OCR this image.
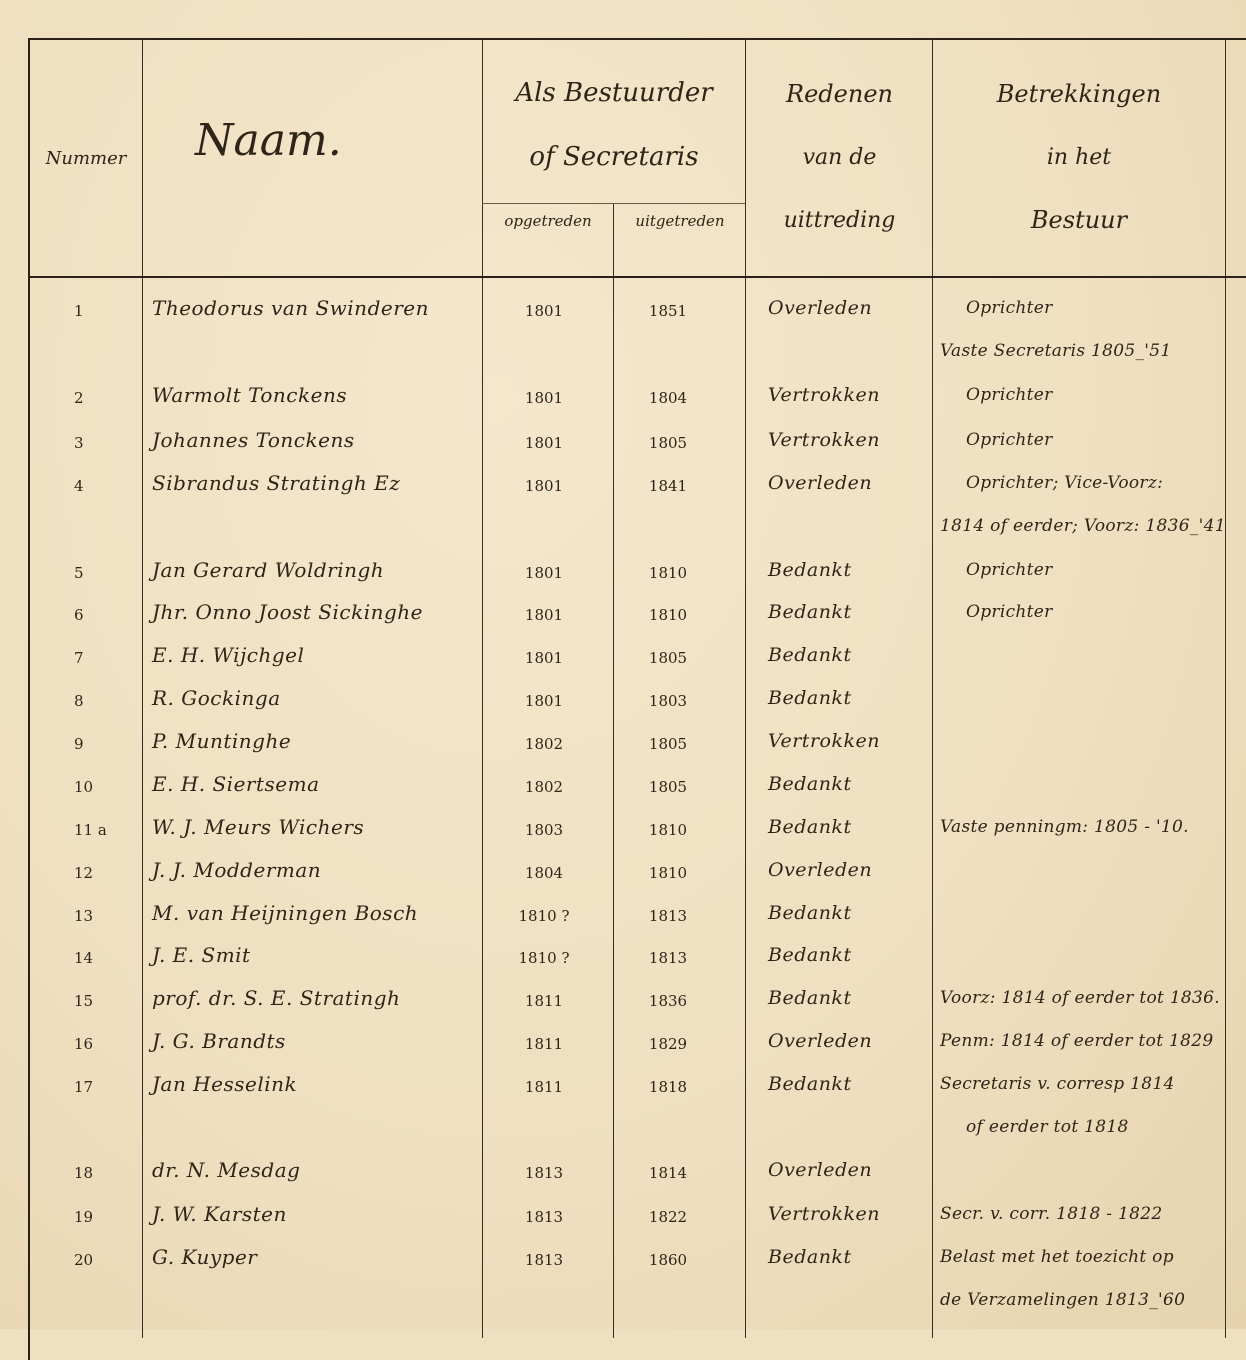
Nummer	Naam.
Als Bestuurder
of Secretaris
opgetreden	uitgetreden
Redenen
van de
uittreding
Betrekkingen
in het
Bestuur
1	Theodorus van Swinderen	1801	1851	Overleden	Oprichter
Vaste Secretaris 1805_'51
2	Warmolt Tonckens	1801	1804	Vertrokken	Oprichter
3	Johannes Tonckens	1801	1805	Vertrokken	Oprichter
4	Sibrandus Stratingh Ez	1801	1841	Overleden	Oprichter; Vice-Voorz:
1814 of eerder; Voorz: 1836_'41
5	Jan Gerard Woldringh	1801	1810	Bedankt	Oprichter
6	Jhr. Onno Joost Sickinghe	1801	1810	Bedankt	Oprichter
7	E. H. Wijchgel	1801	1805	Bedankt
8	R. Gockinga	1801	1803	Bedankt
9	P. Muntinghe	1802	1805	Vertrokken
10	E. H. Siertsema	1802	1805	Bedankt
11 a W. J. Meurs Wichers	1803	1810	Bedankt	Vaste penningm: 1805 - '10.
12	J. J. Modderman	1804	1810	Overleden
13	M. van Heijningen Bosch	1810 ?	1813	Bedankt
14	J. E. Smit	1810 ?	1813	Bedankt
15	prof. dr. S. E. Stratingh	1811	1836	Bedankt	Voorz: 1814 of eerder tot 1836.
16	J. G. Brandts	1811	1829	Overleden	Penm: 1814 of eerder tot 1829
17	Jan Hesselink	1811	1818	Bedankt	Secretaris v. corresp 1814
of eerder tot 1818
18	dr. N. Mesdag	1813	1814	Overleden
19	J. W. Karsten	1813	1822	Vertrokken	Secr. v. corr. 1818 - 1822
20	G. Kuyper	1813	1860	Bedankt	Belast met het toezicht op
de Verzamelingen 1813_'60
